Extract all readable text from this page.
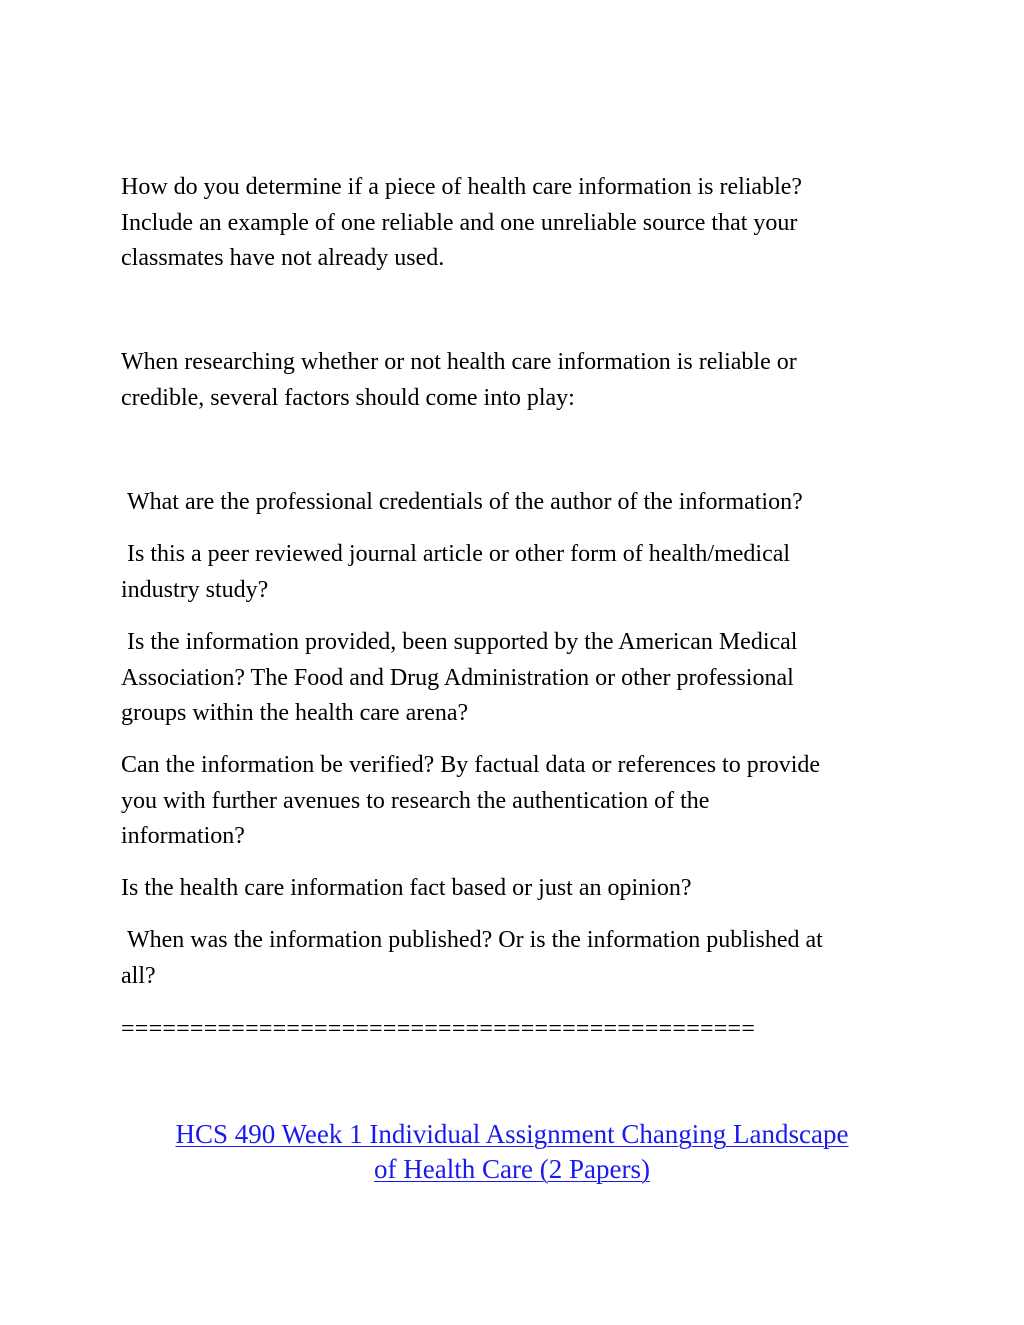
How do you determine if a piece of health care information is reliable?
Include an example of one reliable and one unreliable source that your
classmates have not already used.
When researching whether or not health care information is reliable or
credible, several factors should come into play:
What are the professional credentials of the author of the information?
Is this a peer reviewed journal article or other form of health/medical
industry study?
Is the information provided, been supported by the American Medical
Association? The Food and Drug Administration or other professional
groups within the health care arena?
Can the information be verified? By factual data or references to provide
you with further avenues to research the authentication of the
information?
Is the health care information fact based or just an opinion?
When was the information published? Or is the information published at
all?
==============================================
HCS 490 Week 1 Individual Assignment Changing Landscape
of Health Care (2 Papers)
